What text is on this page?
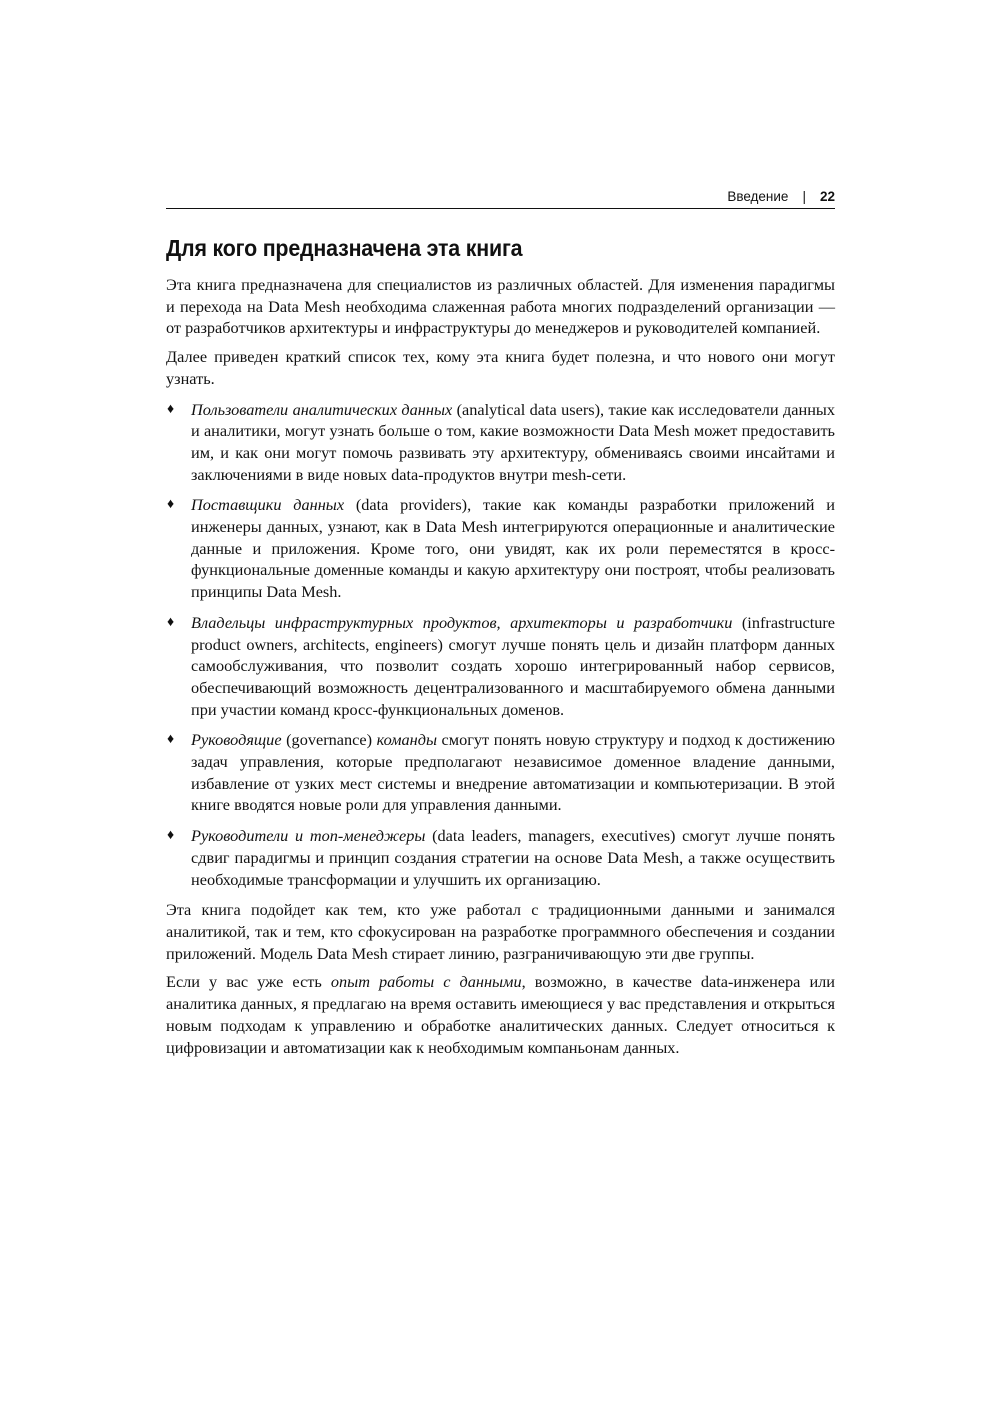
Введение | 22
Для кого предназначена эта книга

Эта книга предназначена для специалистов из различных областей. Для изменения парадигмы и перехода на Data Mesh необходима слаженная работа многих подразделений организации — от разработчиков архитектуры и инфраструктуры до менеджеров и руководителей компанией.

Далее приведен краткий список тех, кому эта книга будет полезна, и что нового они могут узнать.

♦ Пользователи аналитических данных (analytical data users), такие как исследователи данных и аналитики, могут узнать больше о том, какие возможности Data Mesh может предоставить им, и как они могут помочь развивать эту архитектуру, обмениваясь своими инсайтами и заключениями в виде новых data-продуктов внутри mesh-сети.
♦ Поставщики данных (data providers), такие как команды разработки приложений и инженеры данных, узнают, как в Data Mesh интегрируются операционные и аналитические данные и приложения. Кроме того, они увидят, как их роли переместятся в кросс-функциональные доменные команды и какую архитектуру они построят, чтобы реализовать принципы Data Mesh.
♦ Владельцы инфраструктурных продуктов, архитекторы и разработчики (infrastructure product owners, architects, engineers) смогут лучше понять цель и дизайн платформ данных самообслуживания, что позволит создать хорошо интегрированный набор сервисов, обеспечивающий возможность децентрализованного и масштабируемого обмена данными при участии команд кросс-функциональных доменов.
♦ Руководящие (governance) команды смогут понять новую структуру и подход к достижению задач управления, которые предполагают независимое доменное владение данными, избавление от узких мест системы и внедрение автоматизации и компьютеризации. В этой книге вводятся новые роли для управления данными.
♦ Руководители и топ-менеджеры (data leaders, managers, executives) смогут лучше понять сдвиг парадигмы и принцип создания стратегии на основе Data Mesh, а также осуществить необходимые трансформации и улучшить их организацию.

Эта книга подойдет как тем, кто уже работал с традиционными данными и занимался аналитикой, так и тем, кто сфокусирован на разработке программного обеспечения и создании приложений. Модель Data Mesh стирает линию, разграничивающую эти две группы.

Если у вас уже есть опыт работы с данными, возможно, в качестве data-инженера или аналитика данных, я предлагаю на время оставить имеющиеся у вас представления и открыться новым подходам к управлению и обработке аналитических данных. Следует относиться к цифровизации и автоматизации как к необходимым компаньонам данных.
